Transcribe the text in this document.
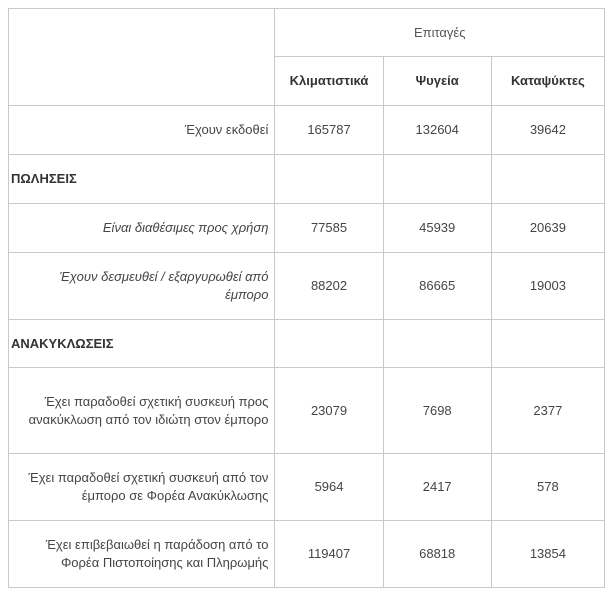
	Επιταγές		
	Κλιματιστικά	Ψυγεία	Καταψύκτες
Έχουν εκδοθεί	165787	132604	39642
ΠΩΛΗΣΕΙΣ			
Είναι διαθέσιμες προς χρήση	77585	45939	20639
Έχουν δεσμευθεί / εξαργυρωθεί από έμπορο	88202	86665	19003
ΑΝΑΚΥΚΛΩΣΕΙΣ			
Έχει παραδοθεί σχετική συσκευή προς ανακύκλωση από τον ιδιώτη στον έμπορο	23079	7698	2377
Έχει παραδοθεί σχετική συσκευή από τον έμπορο σε Φορέα Ανακύκλωσης	5964	2417	578
Έχει επιβεβαιωθεί η παράδοση από το Φορέα Πιστοποίησης και Πληρωμής	119407	68818	13854
